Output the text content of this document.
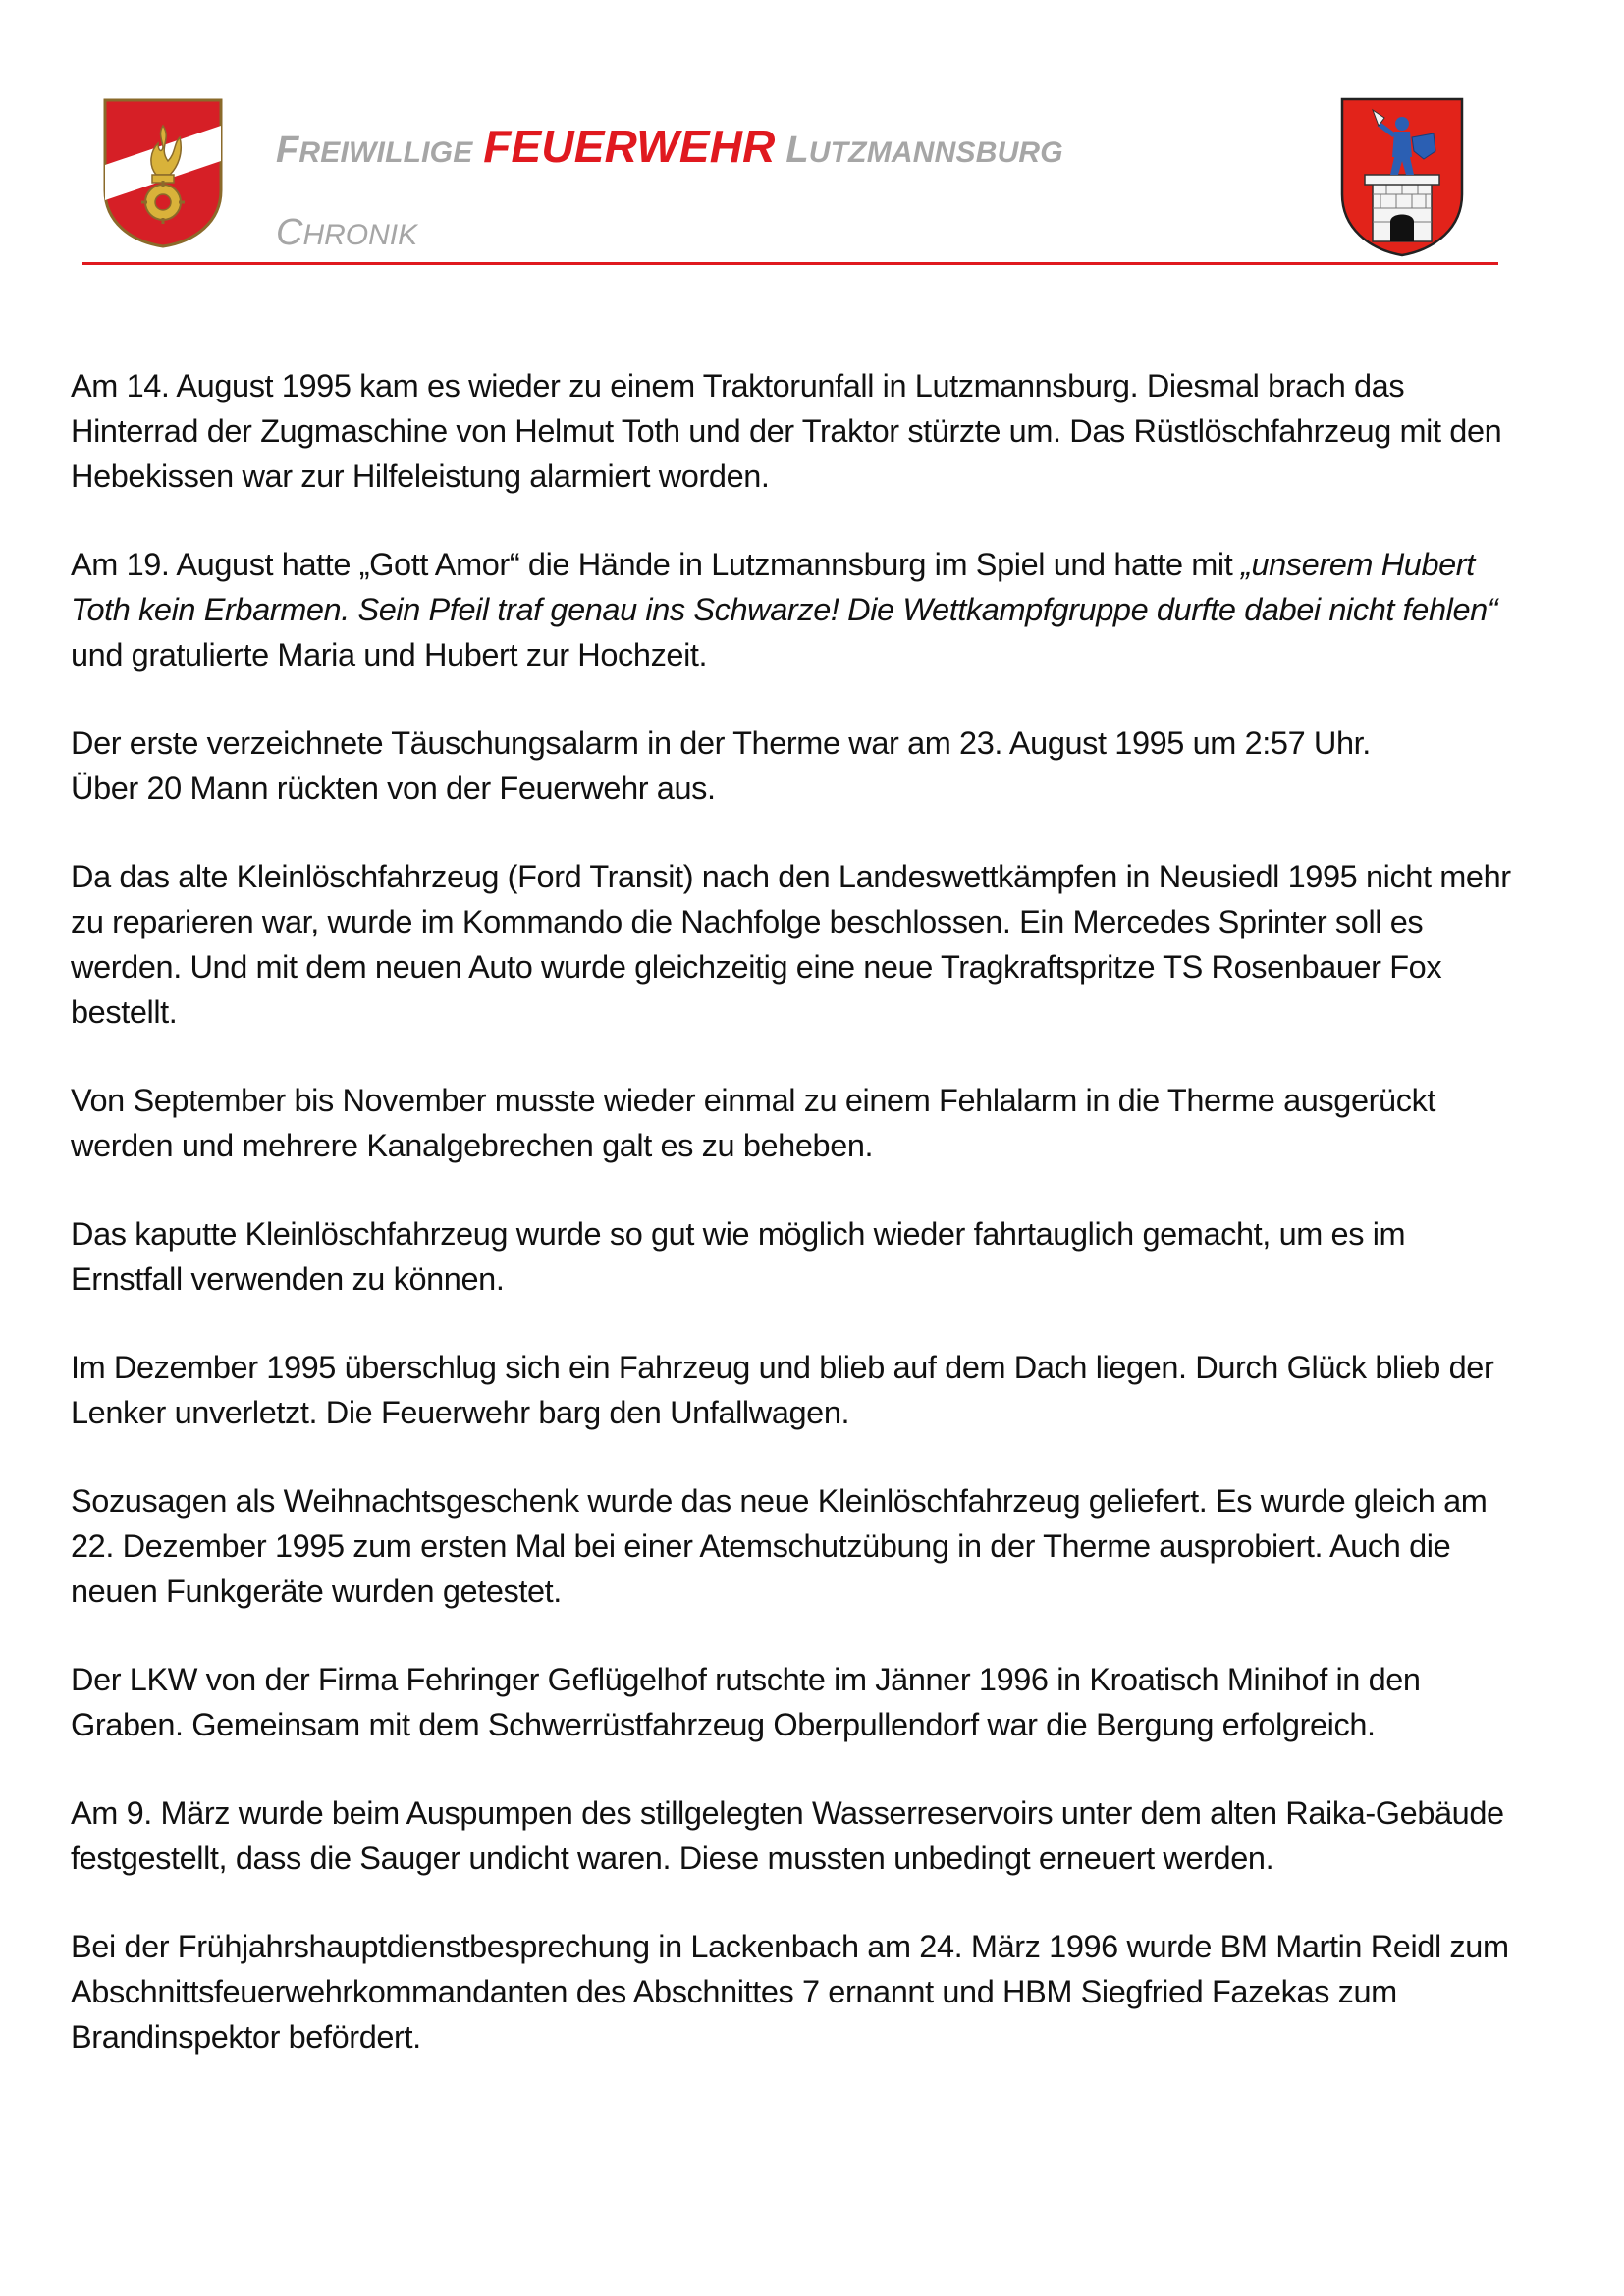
FREIWILLIGE FEUERWEHR LUTZMANNSBURG
CHRONIK

Am 14. August 1995 kam es wieder zu einem Traktorunfall in Lutzmannsburg. Diesmal brach das
Hinterrad der Zugmaschine von Helmut Toth und der Traktor stürzte um. Das Rüstlöschfahrzeug mit den
Hebekissen war zur Hilfeleistung alarmiert worden.

Am 19. August hatte „Gott Amor“ die Hände in Lutzmannsburg im Spiel und hatte mit „unserem Hubert
Toth kein Erbarmen. Sein Pfeil traf genau ins Schwarze! Die Wettkampfgruppe durfte dabei nicht fehlen“
und gratulierte Maria und Hubert zur Hochzeit.

Der erste verzeichnete Täuschungsalarm in der Therme war am 23. August 1995 um 2:57 Uhr.
Über 20 Mann rückten von der Feuerwehr aus.

Da das alte Kleinlöschfahrzeug (Ford Transit) nach den Landeswettkämpfen in Neusiedl 1995 nicht mehr
zu reparieren war, wurde im Kommando die Nachfolge beschlossen. Ein Mercedes Sprinter soll es
werden. Und mit dem neuen Auto wurde gleichzeitig eine neue Tragkraftspritze TS Rosenbauer Fox
bestellt.

Von September bis November musste wieder einmal zu einem Fehlalarm in die Therme ausgerückt
werden und mehrere Kanalgebrechen galt es zu beheben.

Das kaputte Kleinlöschfahrzeug wurde so gut wie möglich wieder fahrtauglich gemacht, um es im
Ernstfall verwenden zu können.

Im Dezember 1995 überschlug sich ein Fahrzeug und blieb auf dem Dach liegen. Durch Glück blieb der
Lenker unverletzt. Die Feuerwehr barg den Unfallwagen.

Sozusagen als Weihnachtsgeschenk wurde das neue Kleinlöschfahrzeug geliefert. Es wurde gleich am
22. Dezember 1995 zum ersten Mal bei einer Atemschutzübung in der Therme ausprobiert. Auch die
neuen Funkgeräte wurden getestet.

Der LKW von der Firma Fehringer Geflügelhof rutschte im Jänner 1996 in Kroatisch Minihof in den
Graben. Gemeinsam mit dem Schwerrüstfahrzeug Oberpullendorf war die Bergung erfolgreich.

Am 9. März wurde beim Auspumpen des stillgelegten Wasserreservoirs unter dem alten Raika-Gebäude
festgestellt, dass die Sauger undicht waren. Diese mussten unbedingt erneuert werden.

Bei der Frühjahrshauptdienstbesprechung in Lackenbach am 24. März 1996 wurde BM Martin Reidl zum
Abschnittsfeuerwehrkommandanten des Abschnittes 7 ernannt und HBM Siegfried Fazekas zum
Brandinspektor befördert.
